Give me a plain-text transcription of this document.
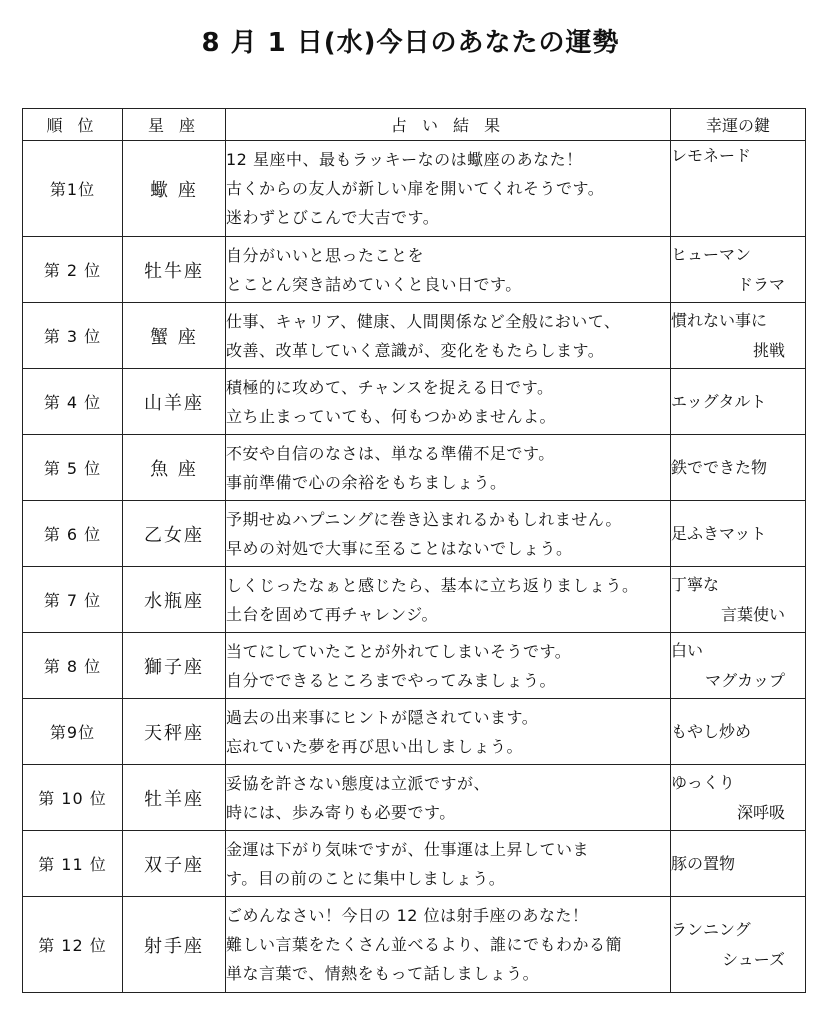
8 月 1 日(水)今日のあなたの運勢
順 位	星 座	占 い 結 果	幸運の鍵
第1位	蠍 座	12 星座中、最もラッキーなのは蠍座のあなた！
古くからの友人が新しい扉を開いてくれそうです。
迷わずとびこんで大吉です。	レモネード

第 2 位	牡牛座	自分がいいと思ったことを
とことん突き詰めていくと良い日です。	ヒューマン
ドラマ

第 3 位	蟹 座	仕事、キャリア、健康、人間関係など全般において、
改善、改革していく意識が、変化をもたらします。	慣れない事に
挑戦

第 4 位	山羊座	積極的に攻めて、チャンスを捉える日です。
立ち止まっていても、何もつかめませんよ。	エッグタルト

第 5 位	魚 座	不安や自信のなさは、単なる準備不足です。
事前準備で心の余裕をもちましょう。	鉄でできた物

第 6 位	乙女座	予期せぬハプニングに巻き込まれるかもしれません。
早めの対処で大事に至ることはないでしょう。	足ふきマット

第 7 位	水瓶座	しくじったなぁと感じたら、基本に立ち返りましょう。
土台を固めて再チャレンジ。	丁寧な
言葉使い

第 8 位	獅子座	当てにしていたことが外れてしまいそうです。
自分でできるところまでやってみましょう。	白い
マグカップ

第9位	天秤座	過去の出来事にヒントが隠されています。
忘れていた夢を再び思い出しましょう。	もやし炒め

第 10 位	牡羊座	妥協を許さない態度は立派ですが、
時には、歩み寄りも必要です。	ゆっくり
深呼吸

第 11 位	双子座	金運は下がり気味ですが、仕事運は上昇していま
す。目の前のことに集中しましょう。	豚の置物

第 12 位	射手座	ごめんなさい！今日の 12 位は射手座のあなた！
難しい言葉をたくさん並べるより、誰にでもわかる簡
単な言葉で、情熱をもって話しましょう。	ランニング
シューズ
